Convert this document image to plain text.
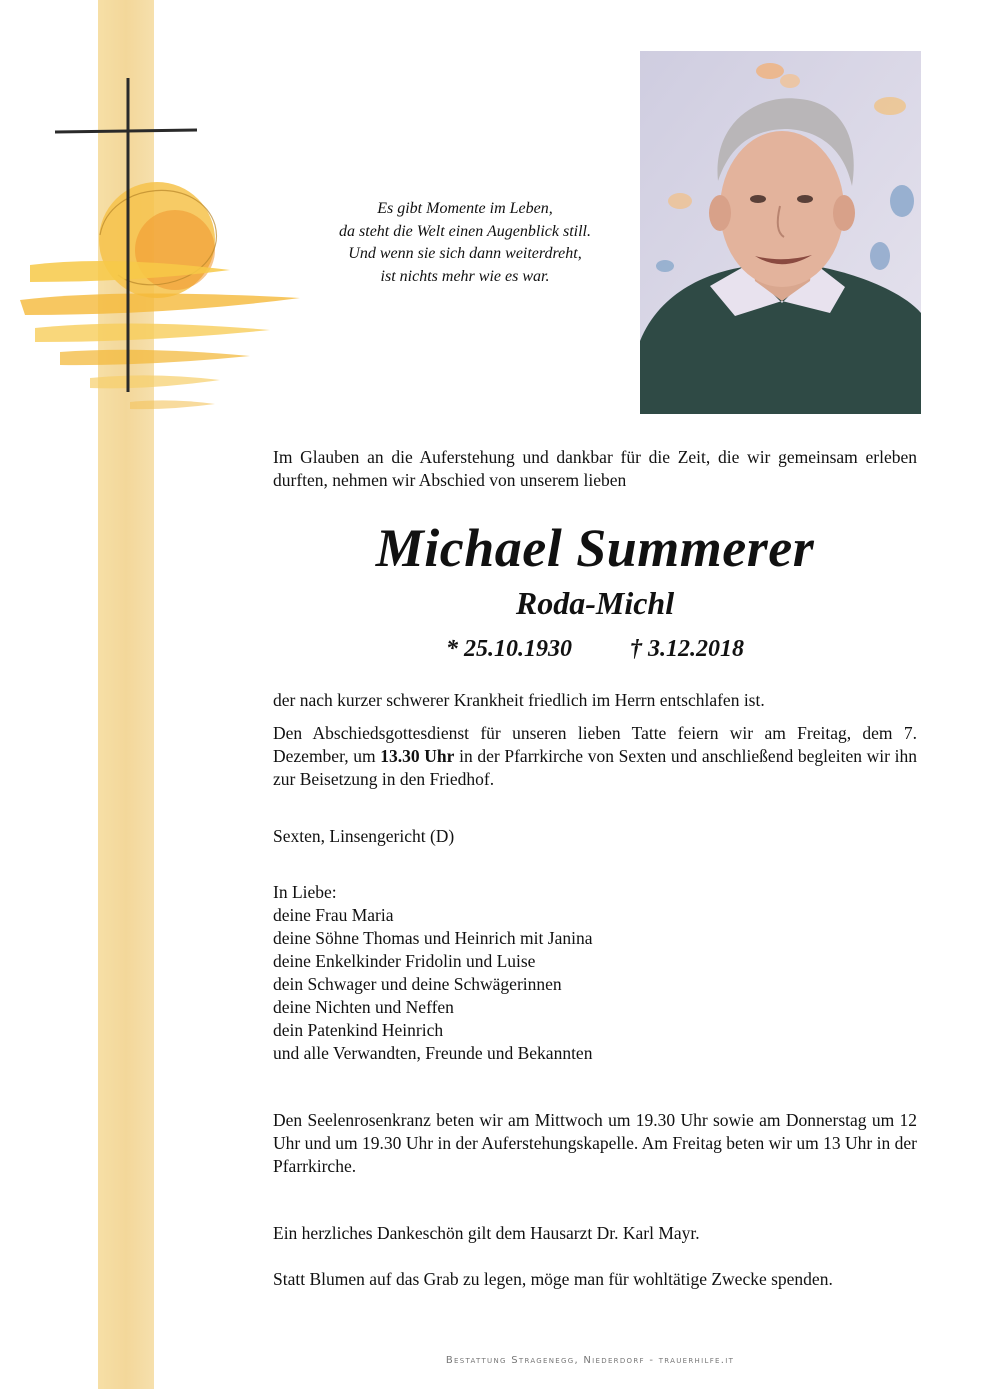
Es gibt Momente im Leben,
da steht die Welt einen Augenblick still.
Und wenn sie sich dann weiterdreht,
ist nichts mehr wie es war.
Im Glauben an die Auferstehung und dankbar für die Zeit, die wir gemeinsam erleben durften, nehmen wir Abschied von unserem lieben
Michael Summerer
Roda-Michl
* 25.10.1930 † 3.12.2018
der nach kurzer schwerer Krankheit friedlich im Herrn entschlafen ist.
Den Abschiedsgottesdienst für unseren lieben Tatte feiern wir am Freitag, dem 7. Dezember, um 13.30 Uhr in der Pfarrkirche von Sexten und anschließend begleiten wir ihn zur Beisetzung in den Friedhof.
Sexten, Linsengericht (D)
In Liebe:
deine Frau Maria
deine Söhne Thomas und Heinrich mit Janina
deine Enkelkinder Fridolin und Luise
dein Schwager und deine Schwägerinnen
deine Nichten und Neffen
dein Patenkind Heinrich
und alle Verwandten, Freunde und Bekannten
Den Seelenrosenkranz beten wir am Mittwoch um 19.30 Uhr sowie am Donnerstag um 12 Uhr und um 19.30 Uhr in der Auferstehungskapelle. Am Freitag beten wir um 13 Uhr in der Pfarrkirche.
Ein herzliches Dankeschön gilt dem Hausarzt Dr. Karl Mayr.
Statt Blumen auf das Grab zu legen, möge man für wohltätige Zwecke spenden.
Bestattung Stragenegg, Niederdorf - trauerhilfe.it
